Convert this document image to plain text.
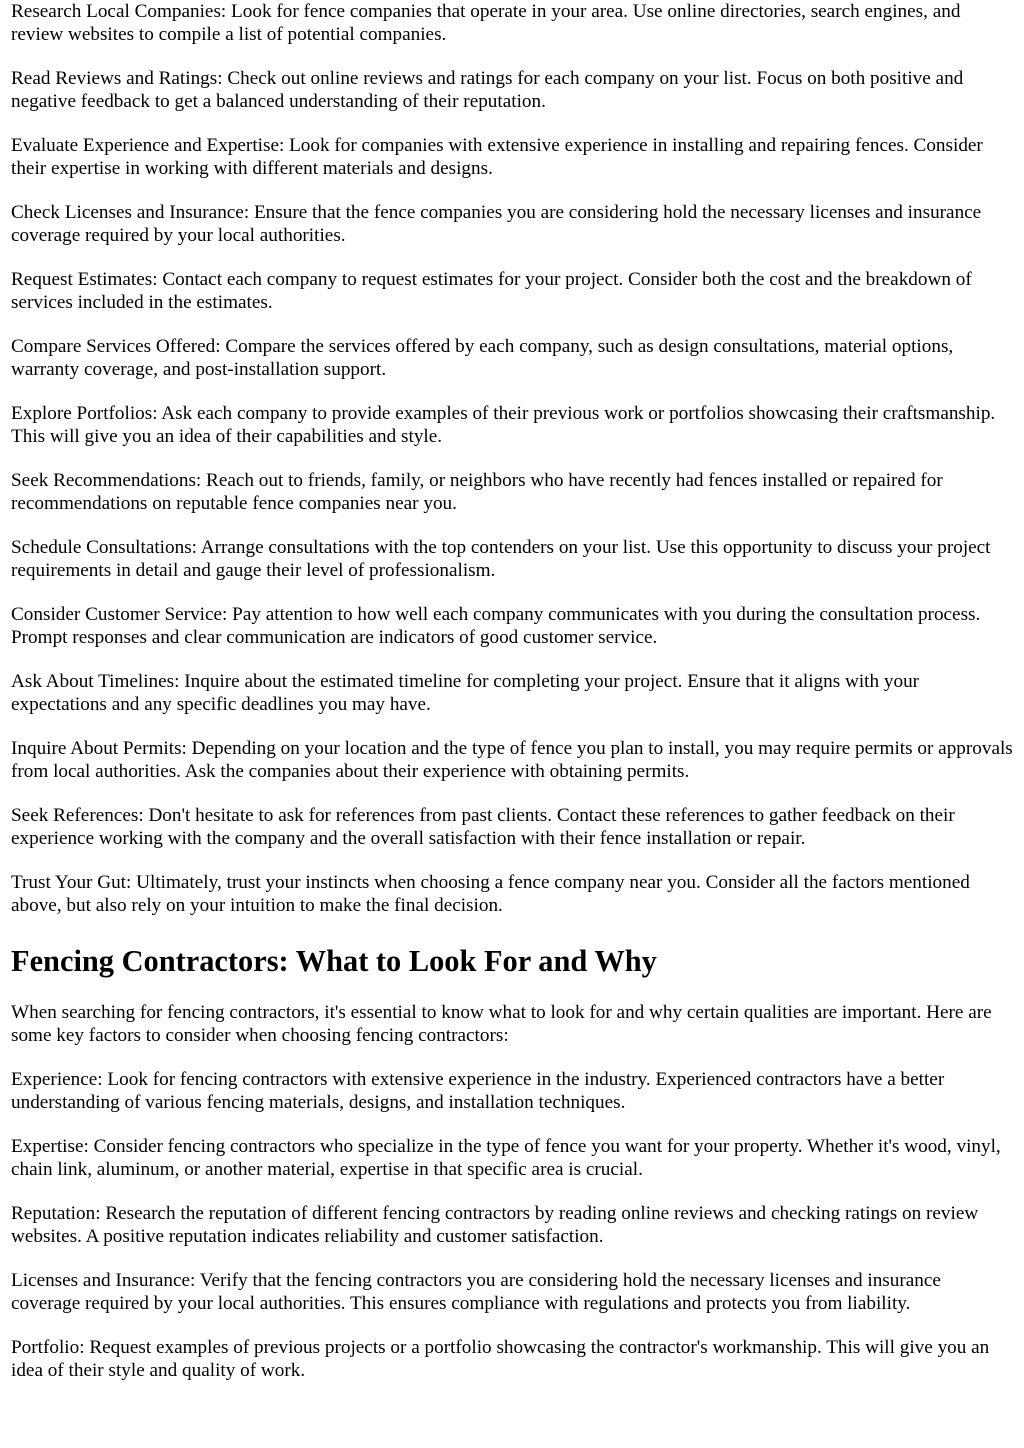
Research Local Companies: Look for fence companies that operate in your area. Use online directories, search engines, and review websites to compile a list of potential companies.

Read Reviews and Ratings: Check out online reviews and ratings for each company on your list. Focus on both positive and negative feedback to get a balanced understanding of their reputation.

Evaluate Experience and Expertise: Look for companies with extensive experience in installing and repairing fences. Consider their expertise in working with different materials and designs.

Check Licenses and Insurance: Ensure that the fence companies you are considering hold the necessary licenses and insurance coverage required by your local authorities.

Request Estimates: Contact each company to request estimates for your project. Consider both the cost and the breakdown of services included in the estimates.

Compare Services Offered: Compare the services offered by each company, such as design consultations, material options, warranty coverage, and post-installation support.

Explore Portfolios: Ask each company to provide examples of their previous work or portfolios showcasing their craftsmanship. This will give you an idea of their capabilities and style.

Seek Recommendations: Reach out to friends, family, or neighbors who have recently had fences installed or repaired for recommendations on reputable fence companies near you.

Schedule Consultations: Arrange consultations with the top contenders on your list. Use this opportunity to discuss your project requirements in detail and gauge their level of professionalism.

Consider Customer Service: Pay attention to how well each company communicates with you during the consultation process. Prompt responses and clear communication are indicators of good customer service.

Ask About Timelines: Inquire about the estimated timeline for completing your project. Ensure that it aligns with your expectations and any specific deadlines you may have.

Inquire About Permits: Depending on your location and the type of fence you plan to install, you may require permits or approvals from local authorities. Ask the companies about their experience with obtaining permits.

Seek References: Don't hesitate to ask for references from past clients. Contact these references to gather feedback on their experience working with the company and the overall satisfaction with their fence installation or repair.

Trust Your Gut: Ultimately, trust your instincts when choosing a fence company near you. Consider all the factors mentioned above, but also rely on your intuition to make the final decision.

Fencing Contractors: What to Look For and Why

When searching for fencing contractors, it's essential to know what to look for and why certain qualities are important. Here are some key factors to consider when choosing fencing contractors:

Experience: Look for fencing contractors with extensive experience in the industry. Experienced contractors have a better understanding of various fencing materials, designs, and installation techniques.

Expertise: Consider fencing contractors who specialize in the type of fence you want for your property. Whether it's wood, vinyl, chain link, aluminum, or another material, expertise in that specific area is crucial.

Reputation: Research the reputation of different fencing contractors by reading online reviews and checking ratings on review websites. A positive reputation indicates reliability and customer satisfaction.

Licenses and Insurance: Verify that the fencing contractors you are considering hold the necessary licenses and insurance coverage required by your local authorities. This ensures compliance with regulations and protects you from liability.

Portfolio: Request examples of previous projects or a portfolio showcasing the contractor's workmanship. This will give you an idea of their style and quality of work.
